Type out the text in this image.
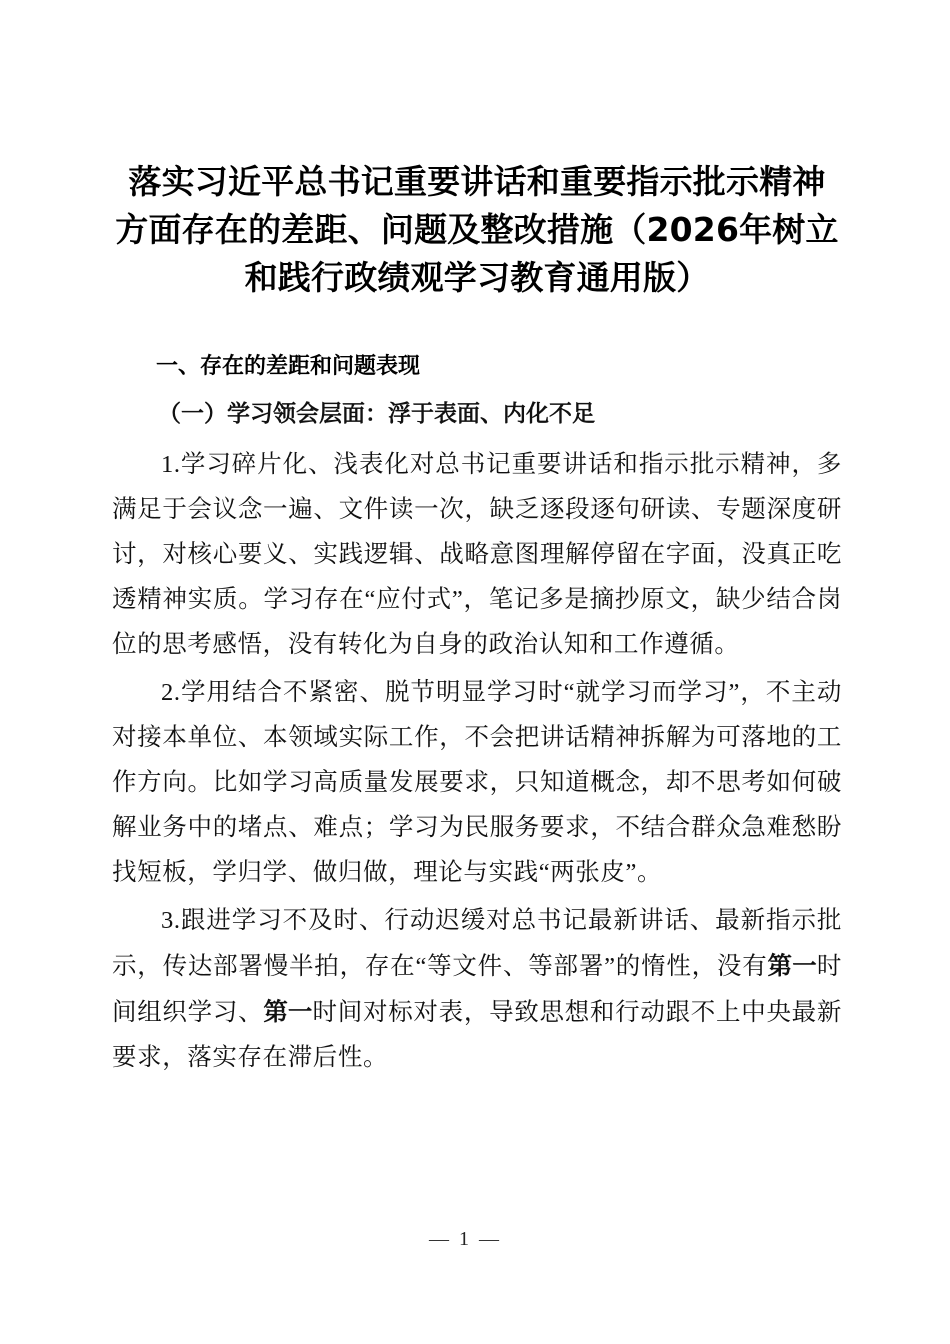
落实习近平总书记重要讲话和重要指示批示精神方面存在的差距、问题及整改措施（2026年树立和践行政绩观学习教育通用版）
一、存在的差距和问题表现
（一）学习领会层面：浮于表面、内化不足

1.学习碎片化、浅表化对总书记重要讲话和指示批示精神，多满足于会议念一遍、文件读一次，缺乏逐段逐句研读、专题深度研讨，对核心要义、实践逻辑、战略意图理解停留在字面，没真正吃透精神实质。学习存在“应付式”，笔记多是摘抄原文，缺少结合岗位的思考感悟，没有转化为自身的政治认知和工作遵循。

2.学用结合不紧密、脱节明显学习时“就学习而学习”，不主动对接本单位、本领域实际工作，不会把讲话精神拆解为可落地的工作方向。比如学习高质量发展要求，只知道概念，却不思考如何破解业务中的堵点、难点；学习为民服务要求，不结合群众急难愁盼找短板，学归学、做归做，理论与实践“两张皮”。

3.跟进学习不及时、行动迟缓对总书记最新讲话、最新指示批示，传达部署慢半拍，存在“等文件、等部署”的惰性，没有第一时间组织学习、第一时间对标对表，导致思想和行动跟不上中央最新要求，落实存在滞后性。

— 1 —
